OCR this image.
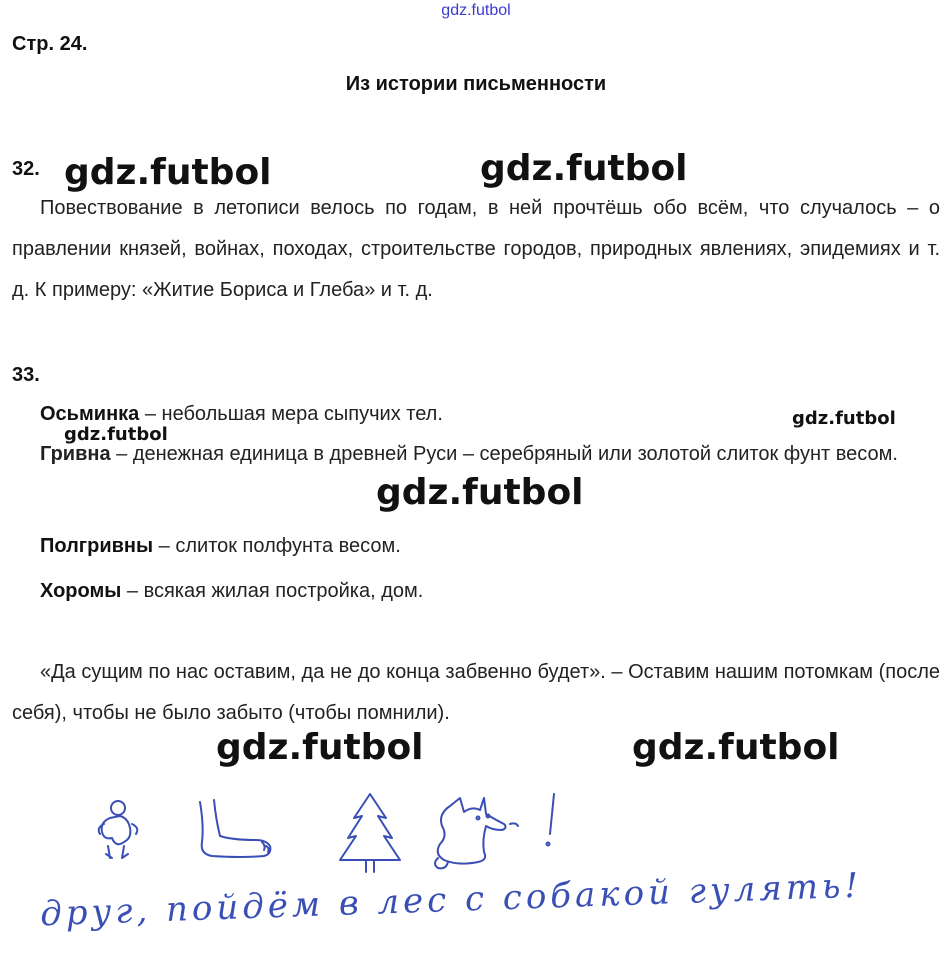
gdz.futbol
Стр. 24.
Из истории письменности
32. gdz.futbol	gdz.futbol
Повествование в летописи велось по годам, в ней прочтёшь обо всём, что случалось – о правлении князей, войнах, походах, строительстве городов, природных явлениях, эпидемиях и т. д. К примеру: «Житие Бориса и Глеба» и т. д.
33.
Осьминка – небольшая мера сыпучих тел.	gdz.futbol
gdz.futbol
Гривна – денежная единица в древней Руси – серебряный или золотой слиток фунт весом.
gdz.futbol
Полгривны – слиток полфунта весом.
Хоромы – всякая жилая постройка, дом.
«Да сущим по нас оставим, да не до конца забвенно будет». – Оставим нашим потомкам (после себя), чтобы не было забыто (чтобы помнили).
gdz.futbol	gdz.futbol
друг, пойдём в лес с собакой гулять!
